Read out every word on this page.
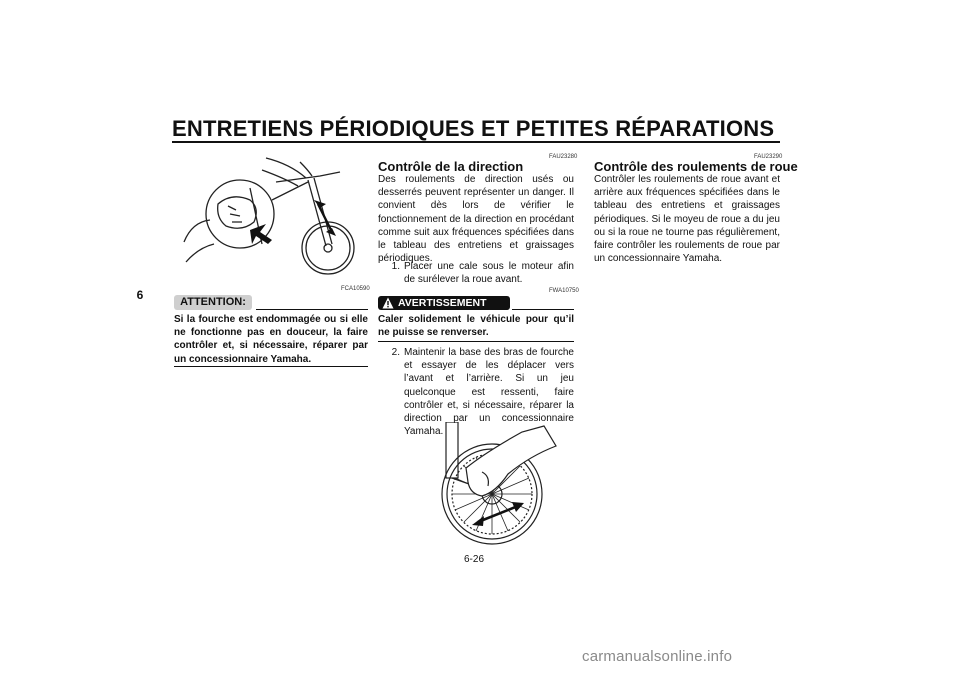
ENTRETIENS PÉRIODIQUES ET PETITES RÉPARATIONS
6	FCA10590
ATTENTION:
Si la fourche est endommagée ou si elle ne fonctionne pas en douceur, la faire contrôler et, si nécessaire, réparer par un concessionnaire Yamaha.
FAU23280
Contrôle de la direction
Des roulements de direction usés ou desserrés peuvent représenter un danger. Il convient dès lors de vérifier le fonctionnement de la direction en procédant comme suit aux fréquences spécifiées dans le tableau des entretiens et graissages périodiques.
1. Placer une cale sous le moteur afin de surélever la roue avant.
FWA10750
AVERTISSEMENT
Caler solidement le véhicule pour qu’il ne puisse se renverser.
2. Maintenir la base des bras de fourche et essayer de les déplacer vers l’avant et l’arrière. Si un jeu quelconque est ressenti, faire contrôler et, si nécessaire, réparer la direction par un concessionnaire Yamaha.
FAU23290
Contrôle des roulements de roue
Contrôler les roulements de roue avant et arrière aux fréquences spécifiées dans le tableau des entretiens et graissages périodiques. Si le moyeu de roue a du jeu ou si la roue ne tourne pas régulièrement, faire contrôler les roulements de roue par un concessionnaire Yamaha.
6-26
carmanualsonline.info
